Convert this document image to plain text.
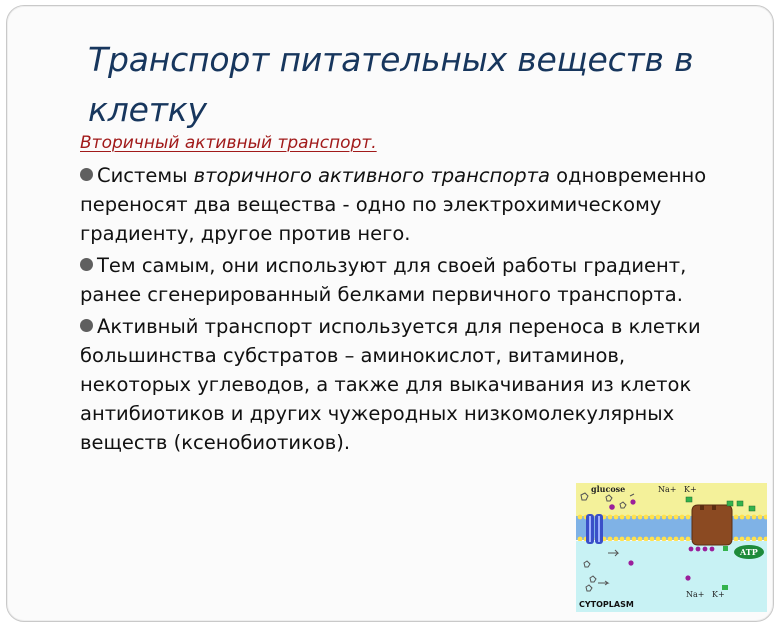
Транспорт питательных веществ в клетку
Вторичный активный транспорт.
Системы вторичного активного транспорта одновременно переносят два вещества - одно по электрохимическому градиенту, другое против него.
Тем самым, они используют для своей работы градиент, ранее сгенерированный белками первичного транспорта.
Активный транспорт используется для переноса в клетки большинства субстратов – аминокислот, витаминов, некоторых углеводов, а также для выкачивания из клеток антибиотиков и других чужеродных низкомолекулярных веществ (ксенобиотиков).
glucose	Na+ K+
ATP
CYTOPLASM
Na+ K+
